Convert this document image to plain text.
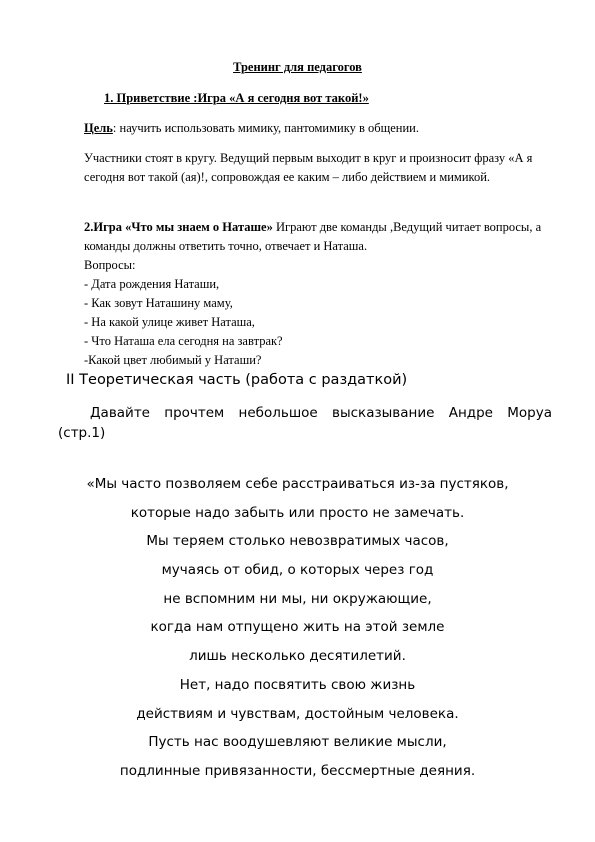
Тренинг для педагогов
1. Приветствие :Игра «А я сегодня вот такой!»
Цель: научить использовать мимику, пантомимику в общении.
Участники стоят в кругу. Ведущий первым выходит в круг и произносит фразу «А я сегодня вот такой (ая)!, сопровождая ее каким – либо действием и мимикой.
2.Игра «Что мы знаем о Наташе» Играют две команды ,Ведущий читает вопросы, а команды должны ответить точно, отвечает и Наташа.
Вопросы:
- Дата рождения Наташи,
- Как зовут Наташину маму,
- На какой улице живет Наташа,
- Что Наташа ела сегодня на завтрак?
-Какой цвет любимый у Наташи?
II Теоретическая часть (работа с раздаткой)
Давайте прочтем небольшое высказывание Андре Моруа (стр.1)
«Мы часто позволяем себе расстраиваться из-за пустяков,
которые надо забыть или просто не замечать.
Мы теряем столько невозвратимых часов,
мучаясь от обид, о которых через год
не вспомним ни мы, ни окружающие,
когда нам отпущено жить на этой земле
лишь несколько десятилетий.
Нет, надо посвятить свою жизнь
действиям и чувствам, достойным человека.
Пусть нас воодушевляют великие мысли,
подлинные привязанности, бессмертные деяния.
